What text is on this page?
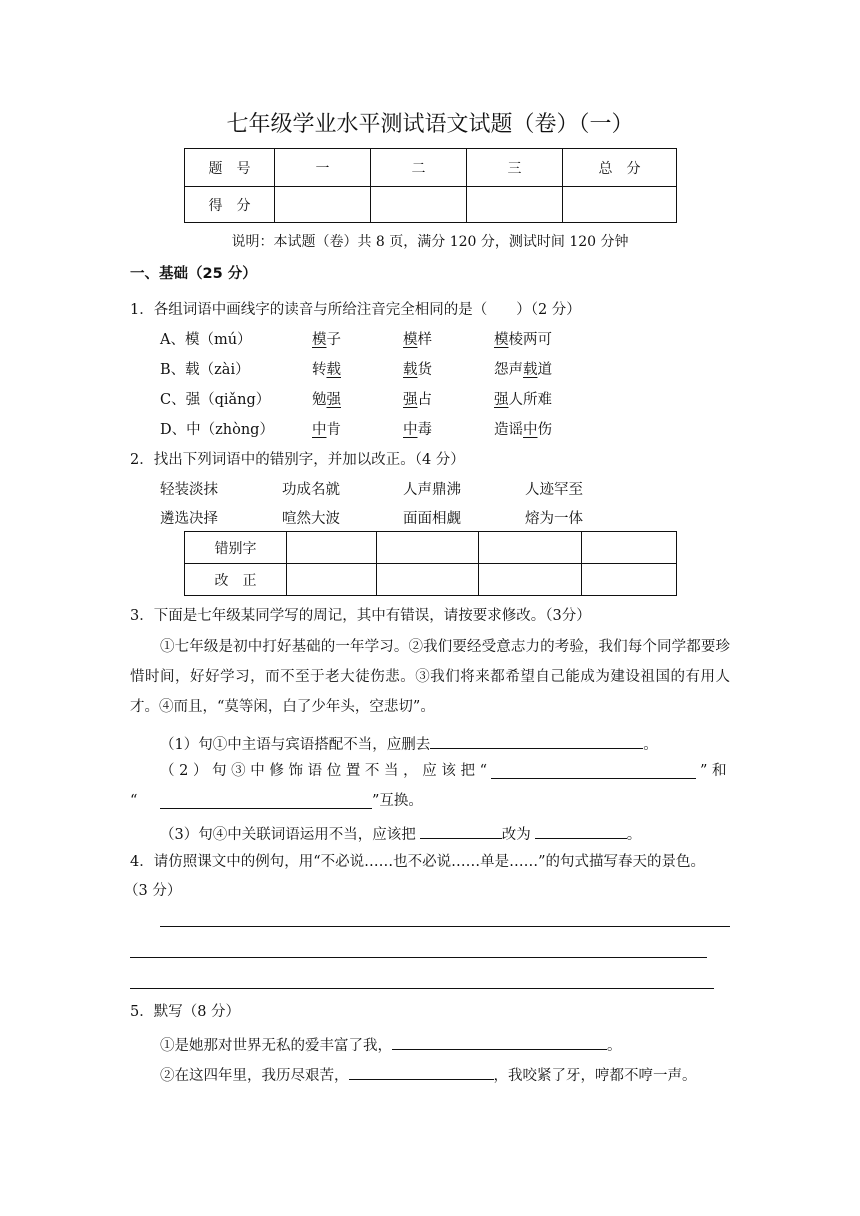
七年级学业水平测试语文试题（卷）（一）
题　号	一	二	三	总　分
得　分				
说明：本试题（卷）共 8 页，满分 120 分，测试时间 120 分钟
一、基础（25 分）
1．各组词语中画线字的读音与所给注音完全相同的是（　　）（2 分）
A、模（mú）	模子	模样	模棱两可
B、载（zài）	转载	载货	怨声载道
C、强（qiǎng）	勉强	强占	强人所难
D、中（zhòng）	中肯	中毒	造谣中伤
2．找出下列词语中的错别字，并加以改正。（4 分）
轻装淡抹	功成名就	人声鼎沸	人迹罕至
遴选决择	喧然大波	面面相觑	熔为一体
错别字				
改　正				
3．下面是七年级某同学写的周记，其中有错误，请按要求修改。（3分）
①七年级是初中打好基础的一年学习。②我们要经受意志力的考验，我们每个同学都要珍惜时间，好好学习，而不至于老大徒伤悲。③我们将来都希望自己能成为建设祖国的有用人才。④而且，“莫等闲，白了少年头，空悲切”。
（1）句①中主语与宾语搭配不当，应删去	。
（ 2 ） 句 ③ 中 修 饰 语 位 置 不 当 ， 应 该 把 “	” 和
“	”互换。
（3）句④中关联词语运用不当，应该把	改为	。
4．请仿照课文中的例句，用“不必说……也不必说……单是……”的句式描写春天的景色。
（3 分）
5．默写（8 分）
①是她那对世界无私的爱丰富了我，	。
②在这四年里，我历尽艰苦，	，我咬紧了牙，哼都不哼一声。
